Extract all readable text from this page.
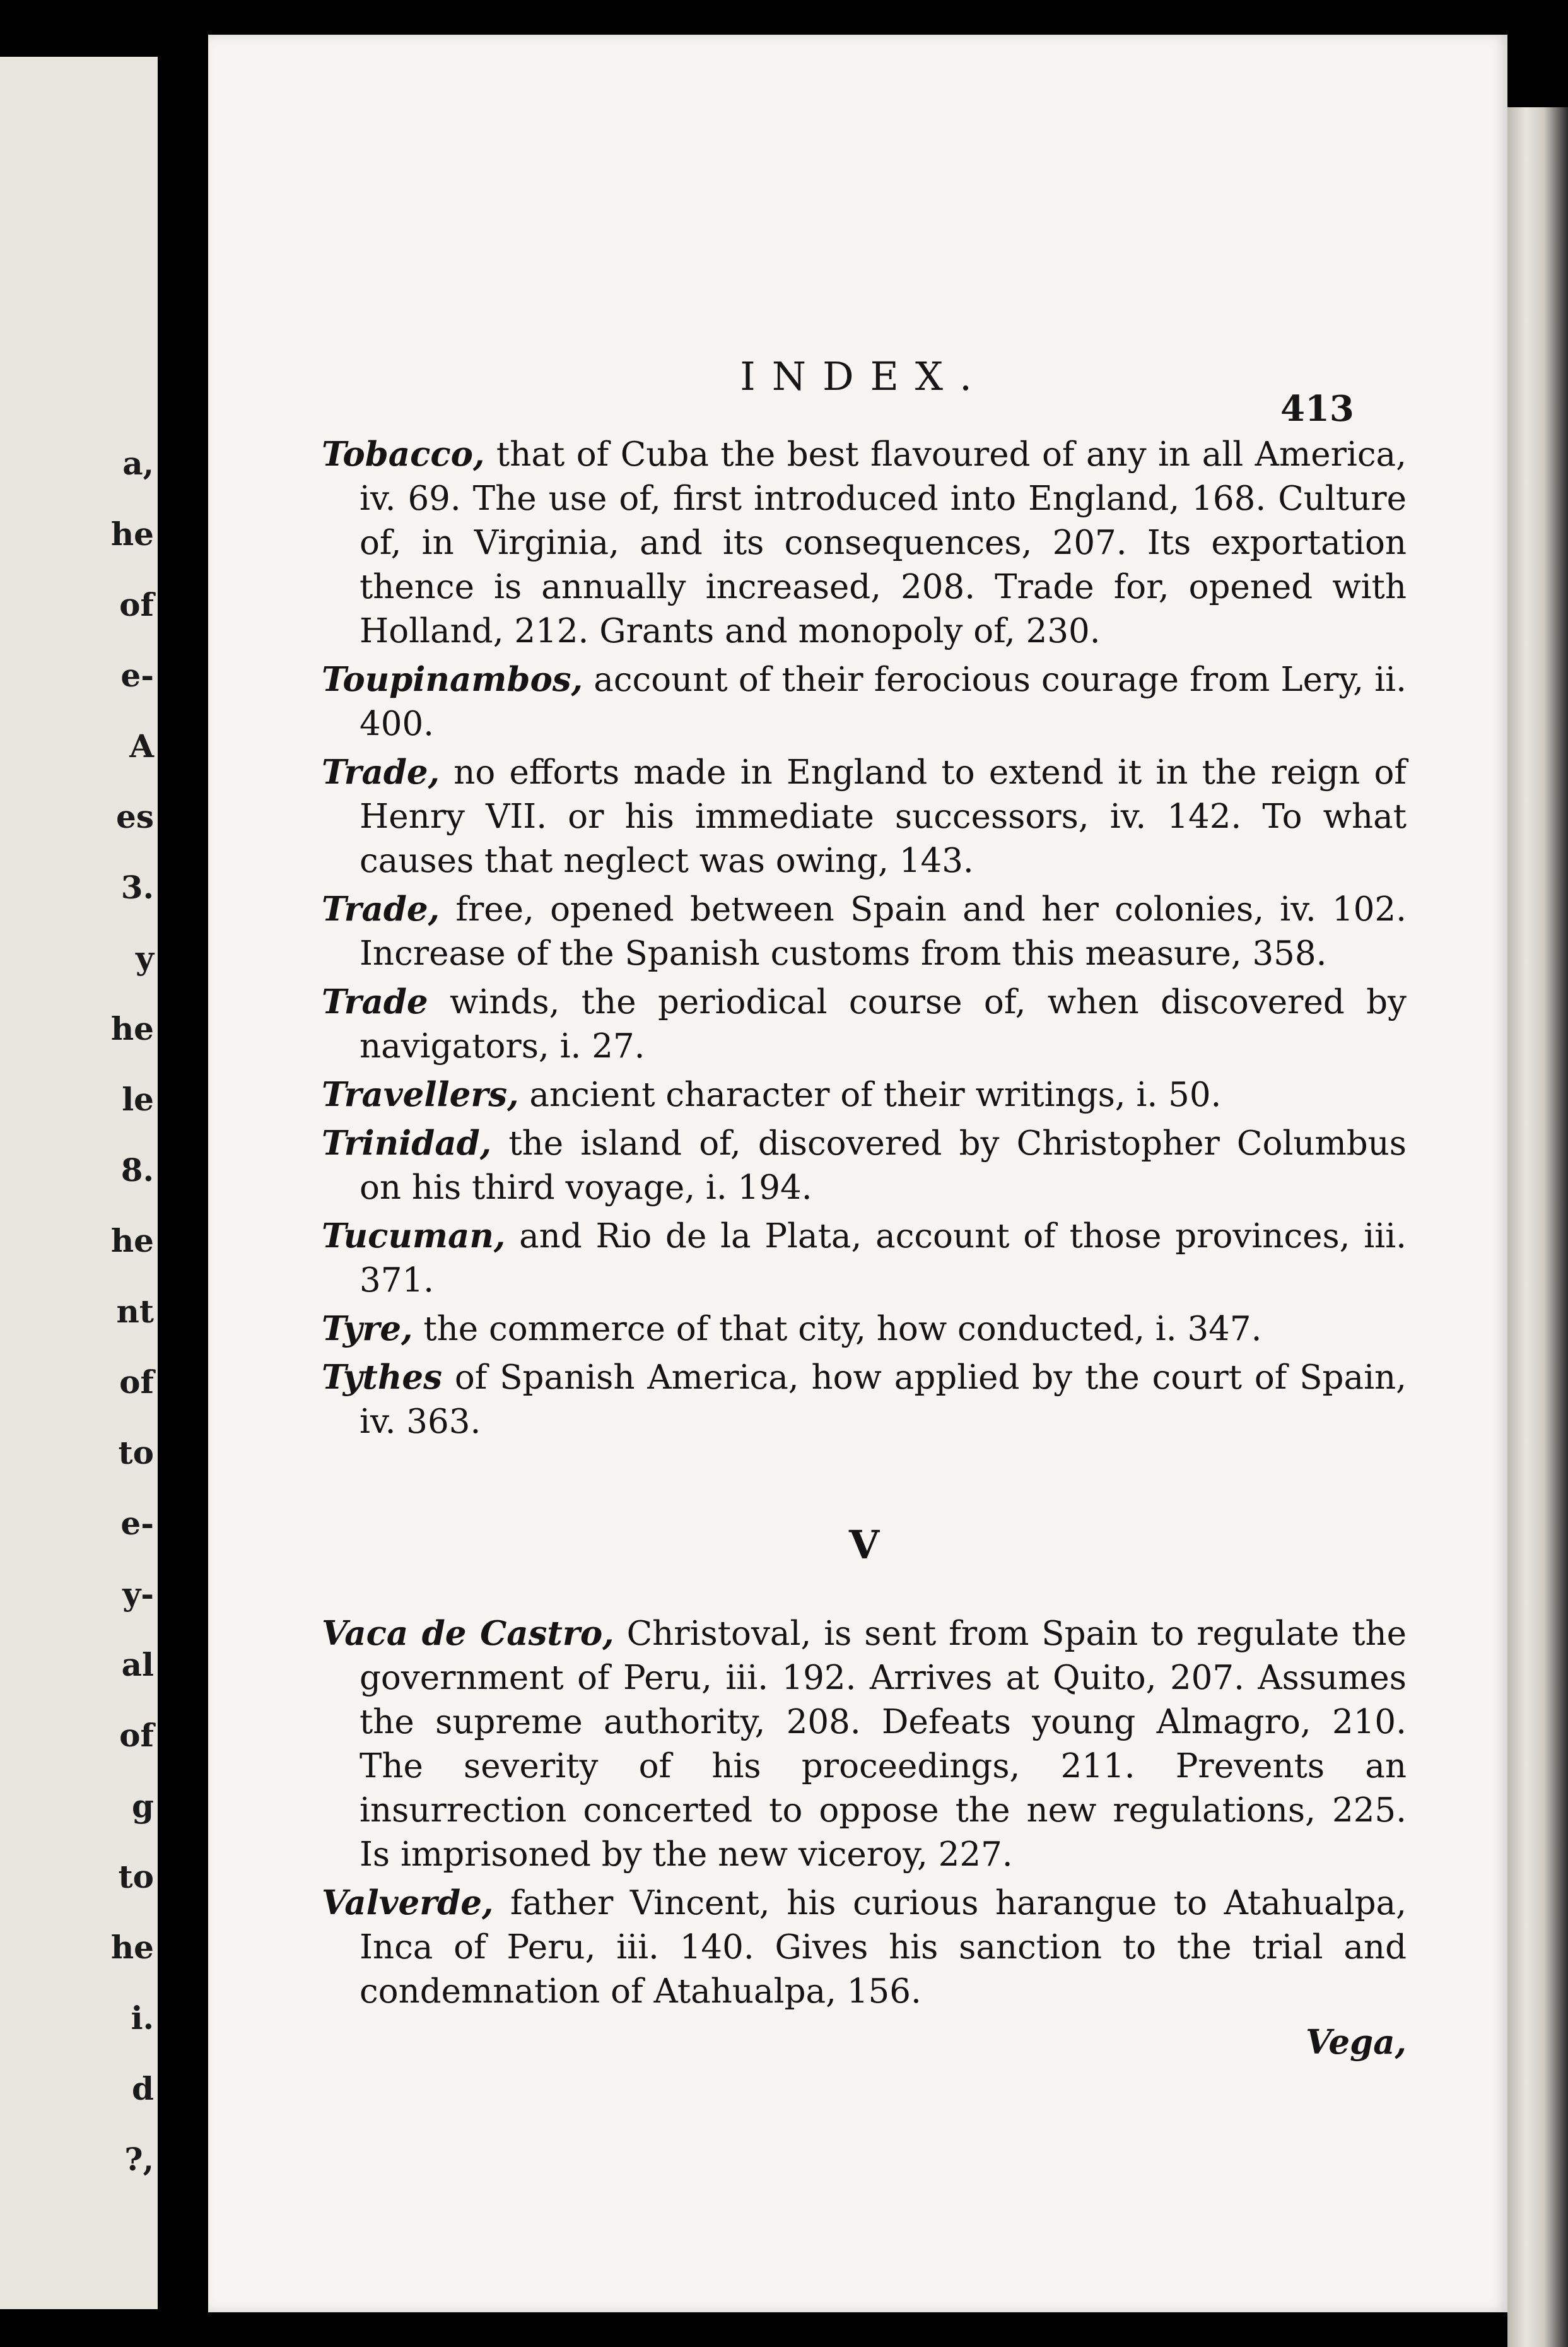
a,
he
of
e-
A
es
3.
y
he
le
8.
he
nt
of
to
e-
y-
al
of
g
to
he
i.
d
?,
INDEX.
413

Tobacco, that of Cuba the best flavoured of any in all America, iv. 69. The use of, first introduced into England, 168. Culture of, in Virginia, and its consequences, 207. Its exportation thence is annually increased, 208. Trade for, opened with Holland, 212. Grants and monopoly of, 230.

Toupinambos, account of their ferocious courage from Lery, ii. 400.

Trade, no efforts made in England to extend it in the reign of Henry VII. or his immediate successors, iv. 142. To what causes that neglect was owing, 143.

Trade, free, opened between Spain and her colonies, iv. 102. Increase of the Spanish customs from this measure, 358.

Trade winds, the periodical course of, when discovered by navigators, i. 27.

Travellers, ancient character of their writings, i. 50.

Trinidad, the island of, discovered by Christopher Columbus on his third voyage, i. 194.

Tucuman, and Rio de la Plata, account of those provinces, iii. 371.

Tyre, the commerce of that city, how conducted, i. 347.

Tythes of Spanish America, how applied by the court of Spain, iv. 363.

V

Vaca de Castro, Christoval, is sent from Spain to regulate the government of Peru, iii. 192. Arrives at Quito, 207. Assumes the supreme authority, 208. Defeats young Almagro, 210. The severity of his proceedings, 211. Prevents an insurrection concerted to oppose the new regulations, 225. Is imprisoned by the new viceroy, 227.

Valverde, father Vincent, his curious harangue to Atahualpa, Inca of Peru, iii. 140. Gives his sanction to the trial and condemnation of Atahualpa, 156.

Vega,
